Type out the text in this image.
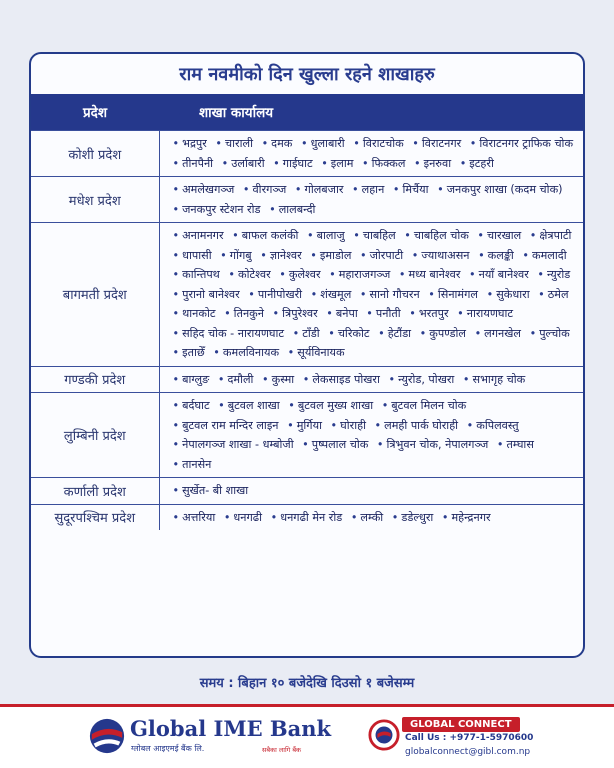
राम नवमीको दिन खुल्ला रहने शाखाहरु
प्रदेश	शाखा कार्यालय
कोशी प्रदेश	• भद्रपुर • चाराली • दमक • धुलाबारी • विराटचोक • विराटनगर • विराटनगर ट्राफिक चोक • तीनपैनी • उर्लाबारी • गाईघाट • इलाम • फिक्कल • इनरुवा • इटहरी
मधेश प्रदेश	• अमलेखगञ्ज • वीरगञ्ज • गोलबजार • लहान • मिर्चैया • जनकपुर शाखा (कदम चोक) • जनकपुर स्टेशन रोड • लालबन्दी
बागमती प्रदेश	• अनामनगर • बाफल कलंकी • बालाजु • चाबहिल • चाबहिल चोक • चारखाल • क्षेत्रपाटी • धापासी • गोंगबु • ज्ञानेश्वर • इमाडोल • जोरपाटी • ज्याथाअसन • कलङ्की • कमलादी • कान्तिपथ • कोटेश्वर • कुलेश्वर • महाराजगञ्ज • मध्य बानेश्वर • नयाँ बानेश्वर • न्युरोड • पुरानो बानेश्वर • पानीपोखरी • शंखमूल • सानो गौचरन • सिनामंगल • सुकेधारा • ठमेल • थानकोट • तिनकुने • त्रिपुरेश्वर • बनेपा • पनौती • भरतपुर • नारायणघाट • सहिद चोक - नारायणघाट • टाँडी • चरिकोट • हेटौंडा • कुपण्डोल • लगनखेल • पुल्चोक • इताछेँ • कमलविनायक • सूर्यविनायक
गण्डकी प्रदेश	• बाग्लुङ • दमौली • कुस्मा • लेकसाइड पोखरा • न्युरोड, पोखरा • सभागृह चोक
लुम्बिनी प्रदेश	• बर्दघाट • बुटवल शाखा • बुटवल मुख्य शाखा • बुटवल मिलन चोक • बुटवल राम मन्दिर लाइन • मुर्गिया • घोराही • लमही पार्क घोराही • कपिलवस्तु • नेपालगञ्ज शाखा - धम्बोजी • पुष्पलाल चोक • त्रिभुवन चोक, नेपालगञ्ज • तम्घास • तानसेन
कर्णाली प्रदेश	• सुर्खेत- बी शाखा
सुदूरपश्चिम प्रदेश	• अत्तरिया • धनगढी • धनगढी मेन रोड • लम्की • डडेल्धुरा • महेन्द्रनगर
समय : बिहान १० बजेदेखि दिउसो १ बजेसम्म
Global IME Bank
ग्लोबल आइएमई बैंक लि.	सबैका लागि बैंक
GLOBAL CONNECT
Call Us : +977-1-5970600
globalconnect@gibl.com.np
